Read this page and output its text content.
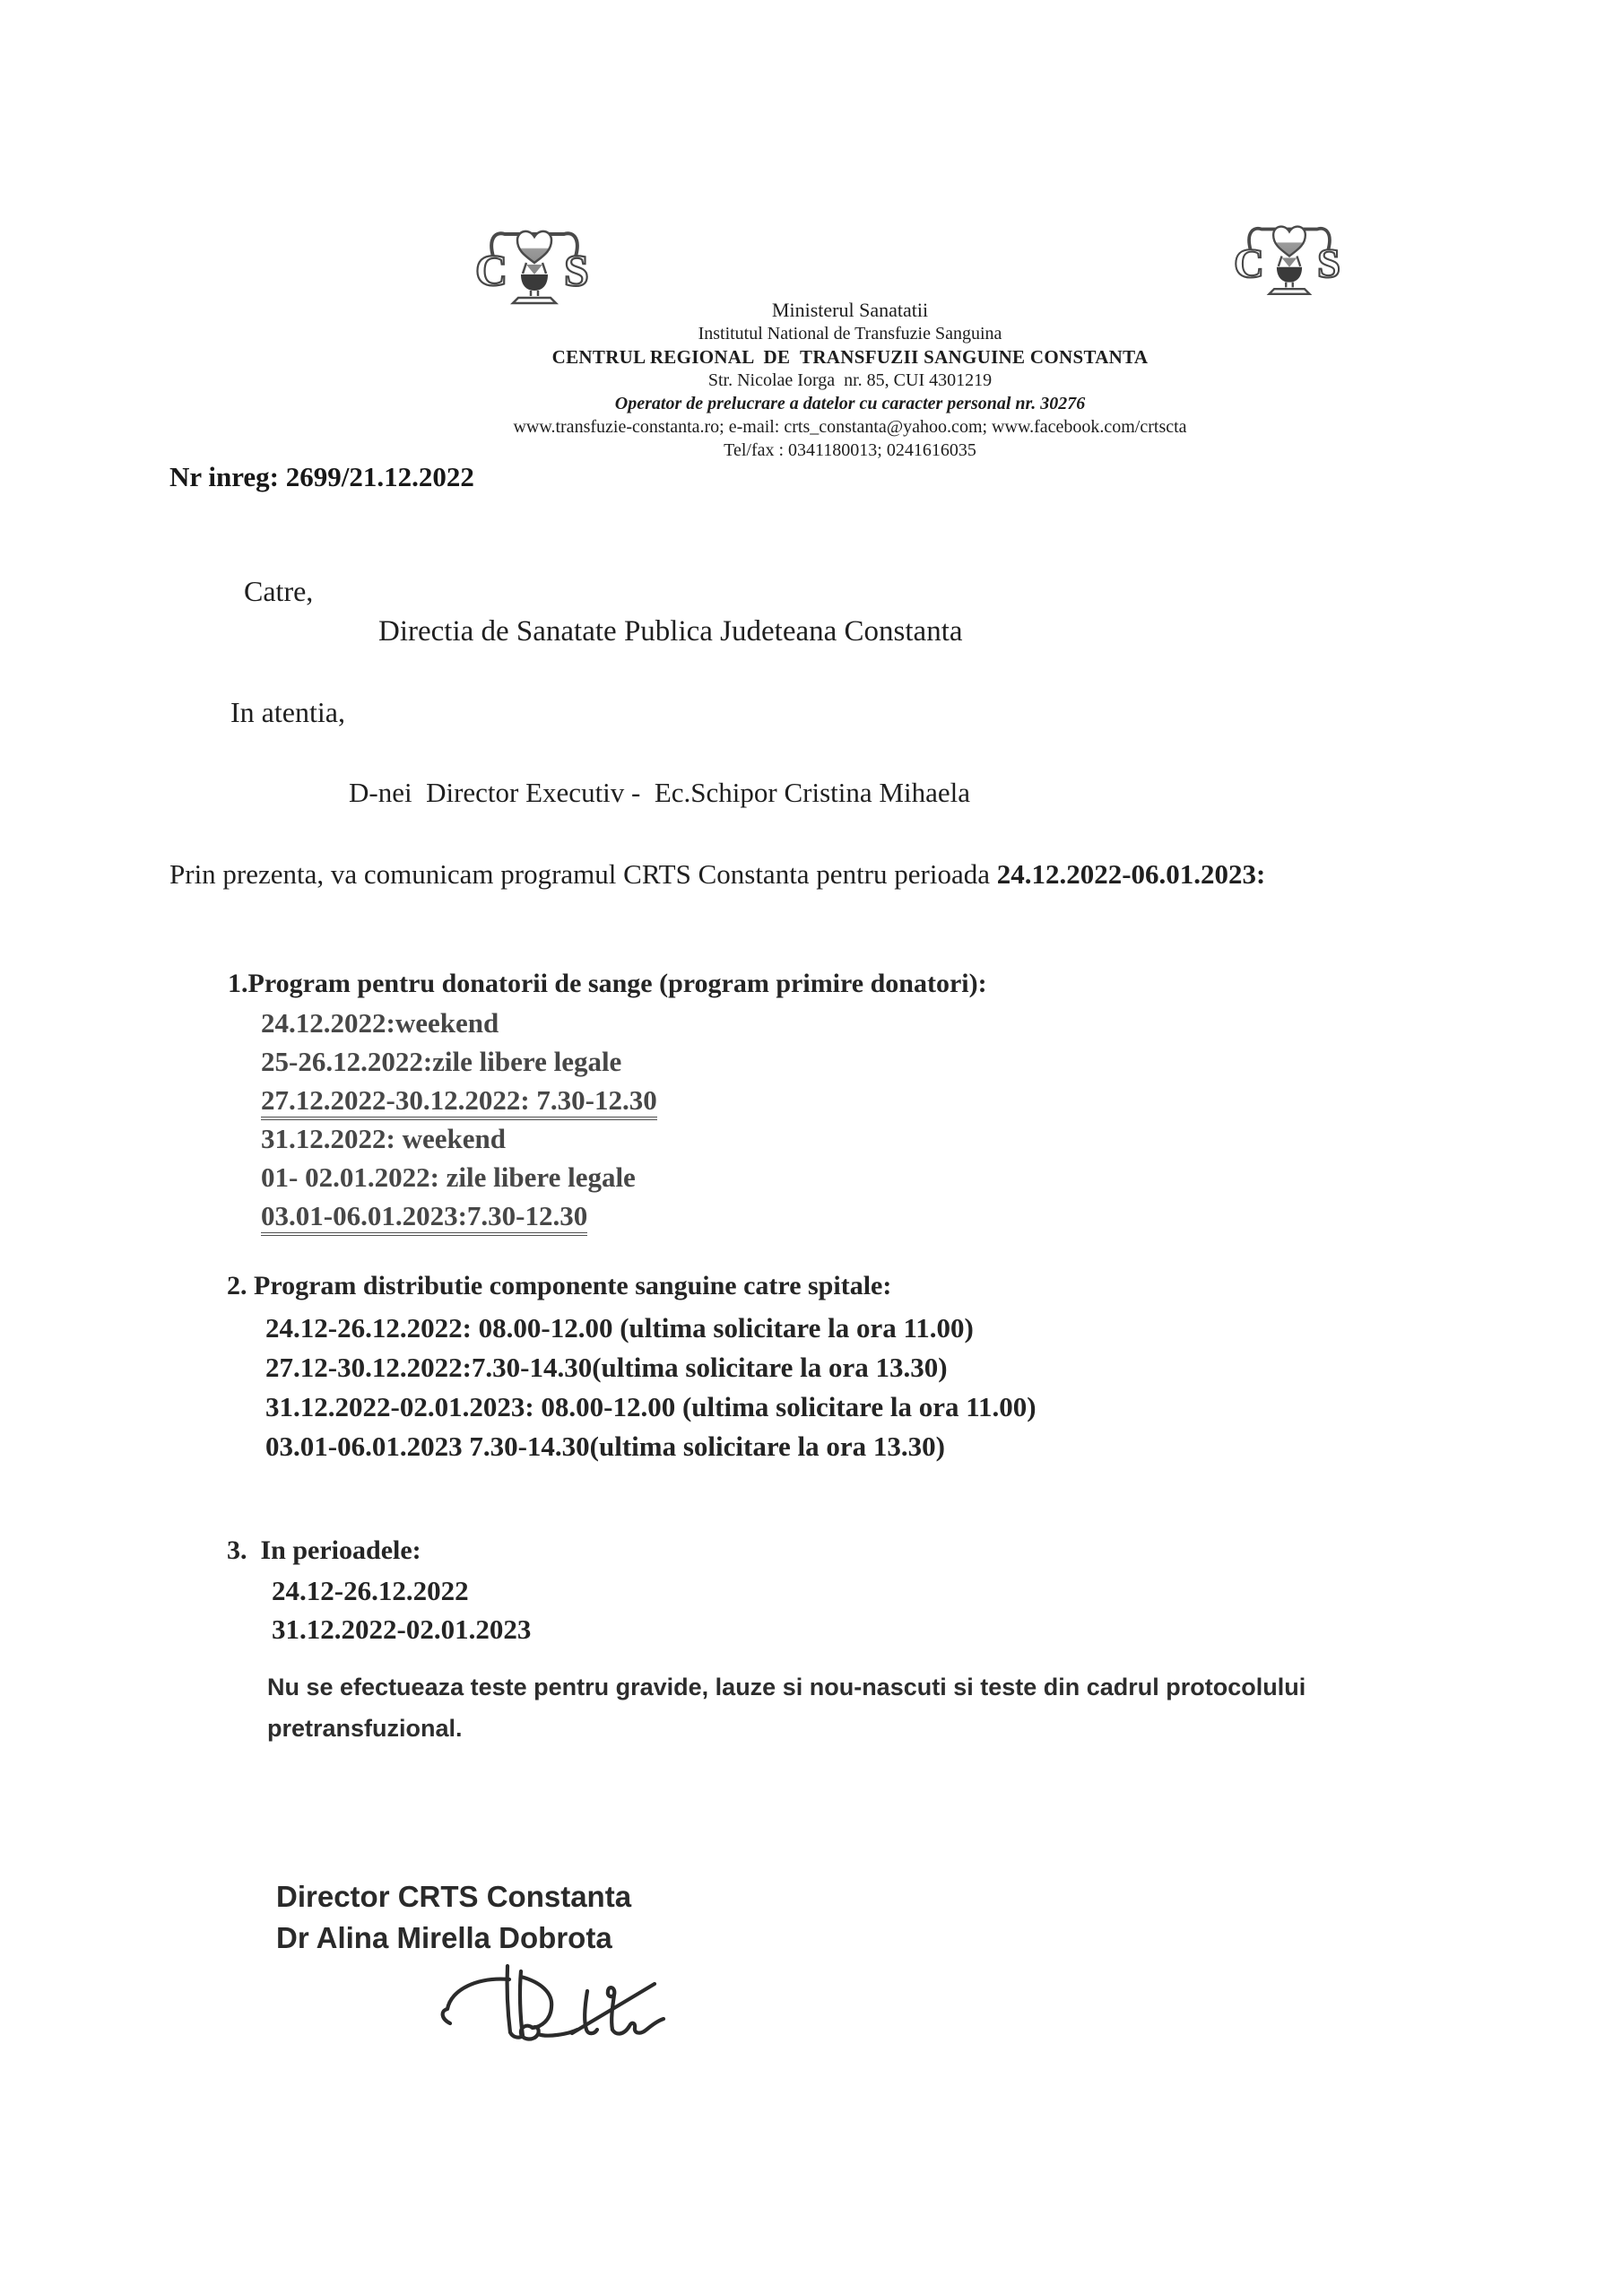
C S	C S
Ministerul Sanatatii
Institutul National de Transfuzie Sanguina
CENTRUL REGIONAL  DE  TRANSFUZII SANGUINE CONSTANTA
Str. Nicolae Iorga  nr. 85, CUI 4301219
Operator de prelucrare a datelor cu caracter personal nr. 30276
www.transfuzie-constanta.ro; e-mail: crts_constanta@yahoo.com; www.facebook.com/crtscta
Tel/fax : 0341180013; 0241616035
Nr inreg: 2699/21.12.2022
Catre,
Directia de Sanatate Publica Judeteana Constanta
In atentia,
D-nei  Director Executiv -  Ec.Schipor Cristina Mihaela
Prin prezenta, va comunicam programul CRTS Constanta pentru perioada 24.12.2022-06.01.2023:
1.Program pentru donatorii de sange (program primire donatori):
24.12.2022:weekend
25-26.12.2022:zile libere legale
27.12.2022-30.12.2022: 7.30-12.30
31.12.2022: weekend
01- 02.01.2022: zile libere legale
03.01-06.01.2023:7.30-12.30
2. Program distributie componente sanguine catre spitale:
24.12-26.12.2022: 08.00-12.00 (ultima solicitare la ora 11.00)
27.12-30.12.2022:7.30-14.30(ultima solicitare la ora 13.30)
31.12.2022-02.01.2023: 08.00-12.00 (ultima solicitare la ora 11.00)
03.01-06.01.2023 7.30-14.30(ultima solicitare la ora 13.30)
3.  In perioadele:
24.12-26.12.2022
31.12.2022-02.01.2023
Nu se efectueaza teste pentru gravide, lauze si nou-nascuti si teste din cadrul protocolului
pretransfuzional.
Director CRTS Constanta
Dr Alina Mirella Dobrota
